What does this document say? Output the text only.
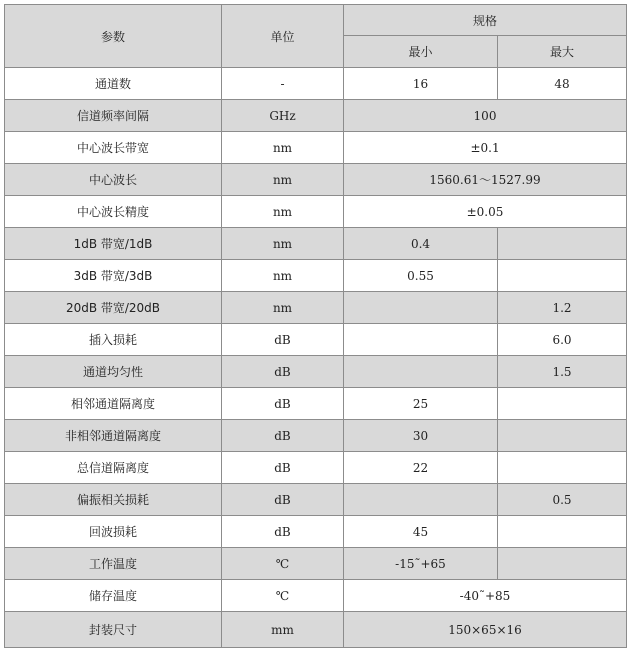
参数	单位	规格	
		最小	最大
通道数	-	16	48
信道频率间隔	GHz	100	
中心波长带宽	nm	±0.1	
中心波长	nm	1560.61～1527.99	
中心波长精度	nm	±0.05	
1dB 带宽/1dB	nm	0.4	
3dB 带宽/3dB	nm	0.55	
20dB 带宽/20dB	nm		1.2
插入损耗	dB		6.0
通道均匀性	dB		1.5
相邻通道隔离度	dB	25	
非相邻通道隔离度	dB	30	
总信道隔离度	dB	22	
偏振相关损耗	dB		0.5
回波损耗	dB	45	
工作温度	℃	-15˜+65	
储存温度	℃	-40˜+85	
封装尺寸	mm	150×65×16	
